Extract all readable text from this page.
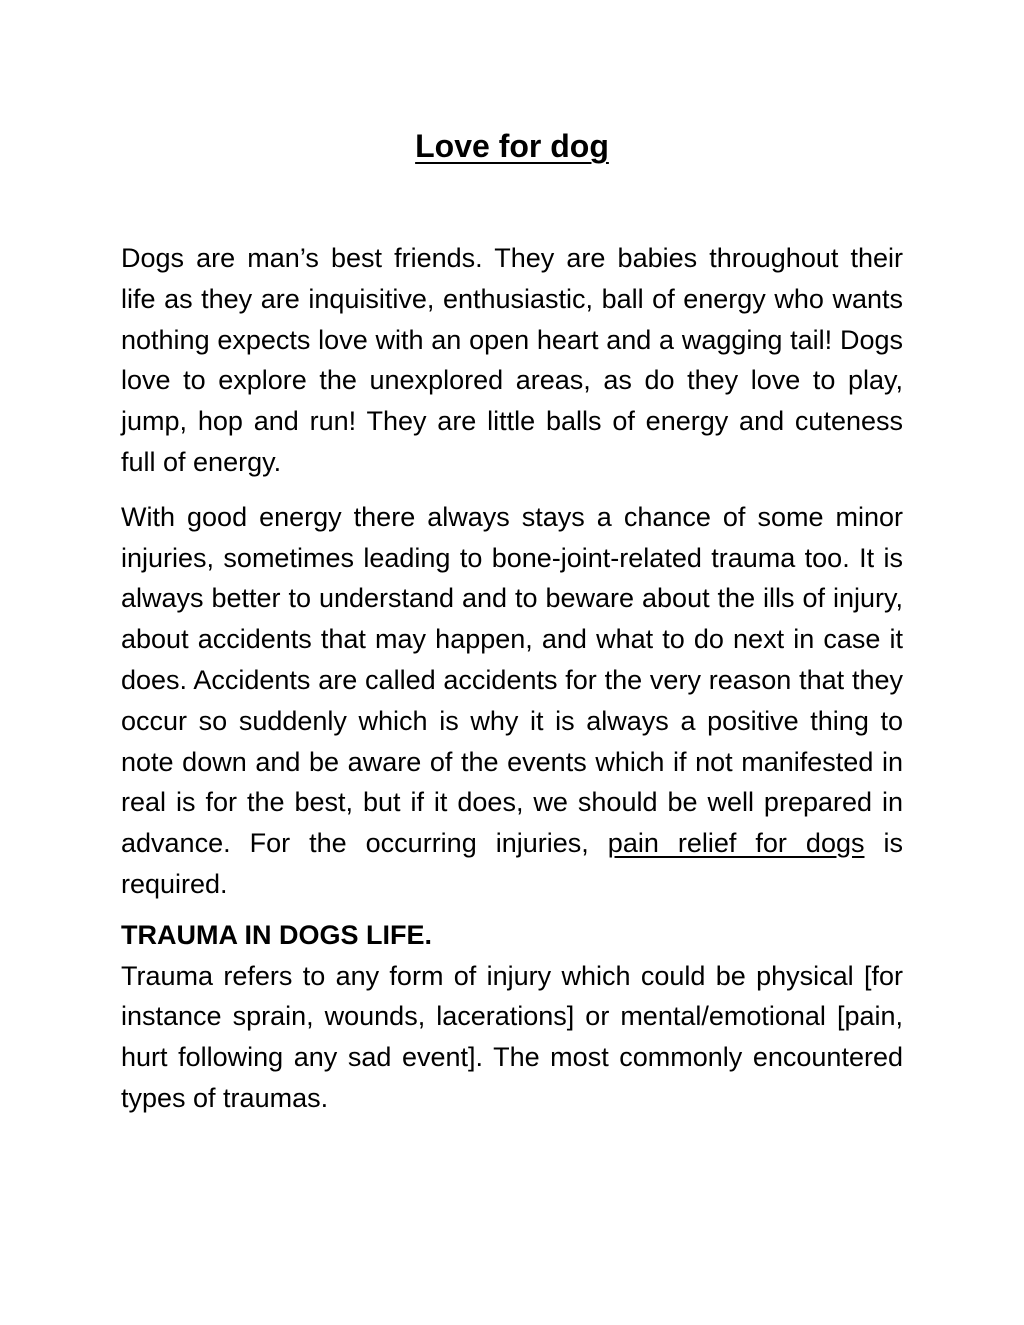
Love for dog

Dogs are man’s best friends. They are babies throughout their life as they are inquisitive, enthusiastic, ball of energy who wants nothing expects love with an open heart and a wagging tail! Dogs love to explore the unexplored areas, as do they love to play, jump, hop and run! They are little balls of energy and cuteness full of energy.

With good energy there always stays a chance of some minor injuries, sometimes leading to bone-joint-related trauma too. It is always better to understand and to beware about the ills of injury, about accidents that may happen, and what to do next in case it does. Accidents are called accidents for the very reason that they occur so suddenly which is why it is always a positive thing to note down and be aware of the events which if not manifested in real is for the best, but if it does, we should be well prepared in advance. For the occurring injuries, pain relief for dogs is required.

TRAUMA IN DOGS LIFE.

Trauma refers to any form of injury which could be physical [for instance sprain, wounds, lacerations] or mental/emotional [pain, hurt following any sad event]. The most commonly encountered types of traumas.
